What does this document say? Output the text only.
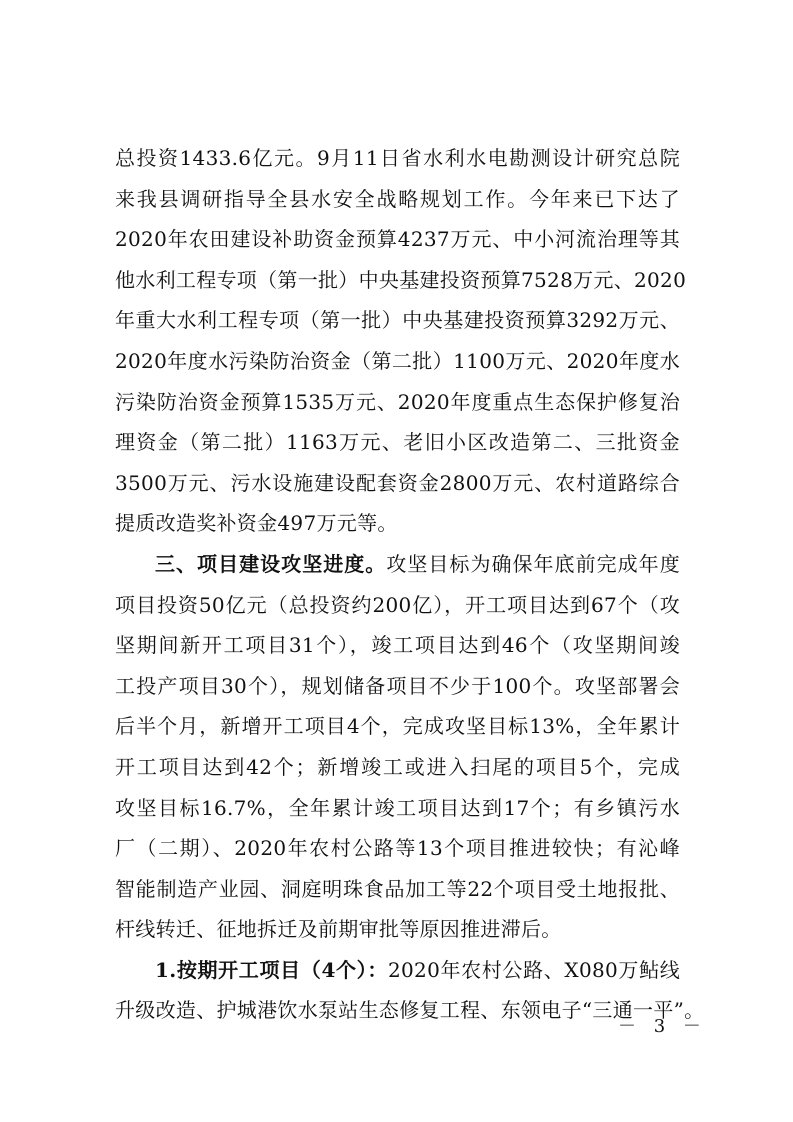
总投资1433.6亿元。9月11日省水利水电勘测设计研究总院
来我县调研指导全县水安全战略规划工作。今年来已下达了
2020年农田建设补助资金预算4237万元、中小河流治理等其
他水利工程专项（第一批）中央基建投资预算7528万元、2020
年重大水利工程专项（第一批）中央基建投资预算3292万元、
2020年度水污染防治资金（第二批）1100万元、2020年度水
污染防治资金预算1535万元、2020年度重点生态保护修复治
理资金（第二批）1163万元、老旧小区改造第二、三批资金
3500万元、污水设施建设配套资金2800万元、农村道路综合
提质改造奖补资金497万元等。
三、项目建设攻坚进度。攻坚目标为确保年底前完成年度
项目投资50亿元（总投资约200亿），开工项目达到67个（攻
坚期间新开工项目31个），竣工项目达到46个（攻坚期间竣
工投产项目30个），规划储备项目不少于100个。攻坚部署会
后半个月，新增开工项目4个，完成攻坚目标13%，全年累计
开工项目达到42个；新增竣工或进入扫尾的项目5个，完成
攻坚目标16.7%，全年累计竣工项目达到17个；有乡镇污水
厂（二期）、2020年农村公路等13个项目推进较快；有沁峰
智能制造产业园、洞庭明珠食品加工等22个项目受土地报批、
杆线转迁、征地拆迁及前期审批等原因推进滞后。
1.按期开工项目（4个）：2020年农村公路、X080万鲇线
升级改造、护城港饮水泵站生态修复工程、东领电子“三通一平”。
－ 3 －
